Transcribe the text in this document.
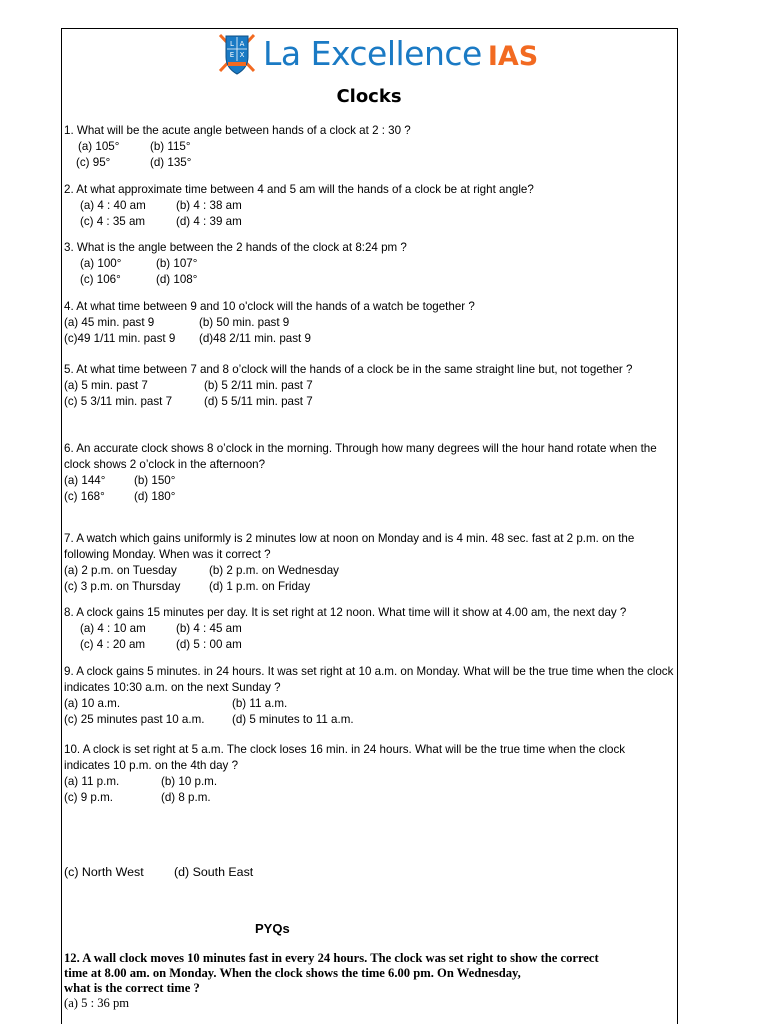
L A
E X La Excellence IAS
Clocks
1. What will be the acute angle between hands of a clock at 2 : 30 ?
(a) 105°	(b) 115°
(c) 95°	(d) 135°
2. At what approximate time between 4 and 5 am will the hands of a clock be at right angle?
(a) 4 : 40 am	(b) 4 : 38 am
(c) 4 : 35 am	(d) 4 : 39 am
3. What is the angle between the 2 hands of the clock at 8:24 pm ?
(a) 100°	(b) 107°
(c) 106°	(d) 108°
4. At what time between 9 and 10 o'clock will the hands of a watch be together ?
(a) 45 min. past 9	(b) 50 min. past 9
(c)49 1/11 min. past 9 (d)48 2/11 min. past 9
5. At what time between 7 and 8 o’clock will the hands of a clock be in the same straight line but, not together ?
(a) 5 min. past 7	(b) 5 2/11 min. past 7
(c) 5 3/11 min. past 7	(d) 5 5/11 min. past 7
6. An accurate clock shows 8 o’clock in the morning. Through how many degrees will the hour hand rotate when the clock shows 2 o’clock in the afternoon?
(a) 144° (b) 150°
(c) 168°	(d) 180°
7. A watch which gains uniformly is 2 minutes low at noon on Monday and is 4 min. 48 sec. fast at 2 p.m. on the following Monday. When was it correct ?
(a) 2 p.m. on Tuesday	(b) 2 p.m. on Wednesday
(c) 3 p.m. on Thursday (d) 1 p.m. on Friday
8. A clock gains 15 minutes per day. It is set right at 12 noon. What time will it show at 4.00 am, the next day ?
(a) 4 : 10 am	(b) 4 : 45 am
(c) 4 : 20 am	(d) 5 : 00 am
9. A clock gains 5 minutes. in 24 hours. It was set right at 10 a.m. on Monday. What will be the true time when the clock indicates 10:30 a.m. on the next Sunday ?
(a) 10 a.m.	(b) 11 a.m.
(c) 25 minutes past 10 a.m. (d) 5 minutes to 11 a.m.
10. A clock is set right at 5 a.m. The clock loses 16 min. in 24 hours. What will be the true time when the clock indicates 10 p.m. on the 4th day ?
(a) 11 p.m.	(b) 10 p.m.
(c) 9 p.m.	(d) 8 p.m.
(c) North West (d) South East
PYQs
12. A wall clock moves 10 minutes fast in every 24 hours. The clock was set right to show the correct
time at 8.00 am. on Monday. When the clock shows the time 6.00 pm. On Wednesday,
what is the correct time ?
(a) 5 : 36 pm
